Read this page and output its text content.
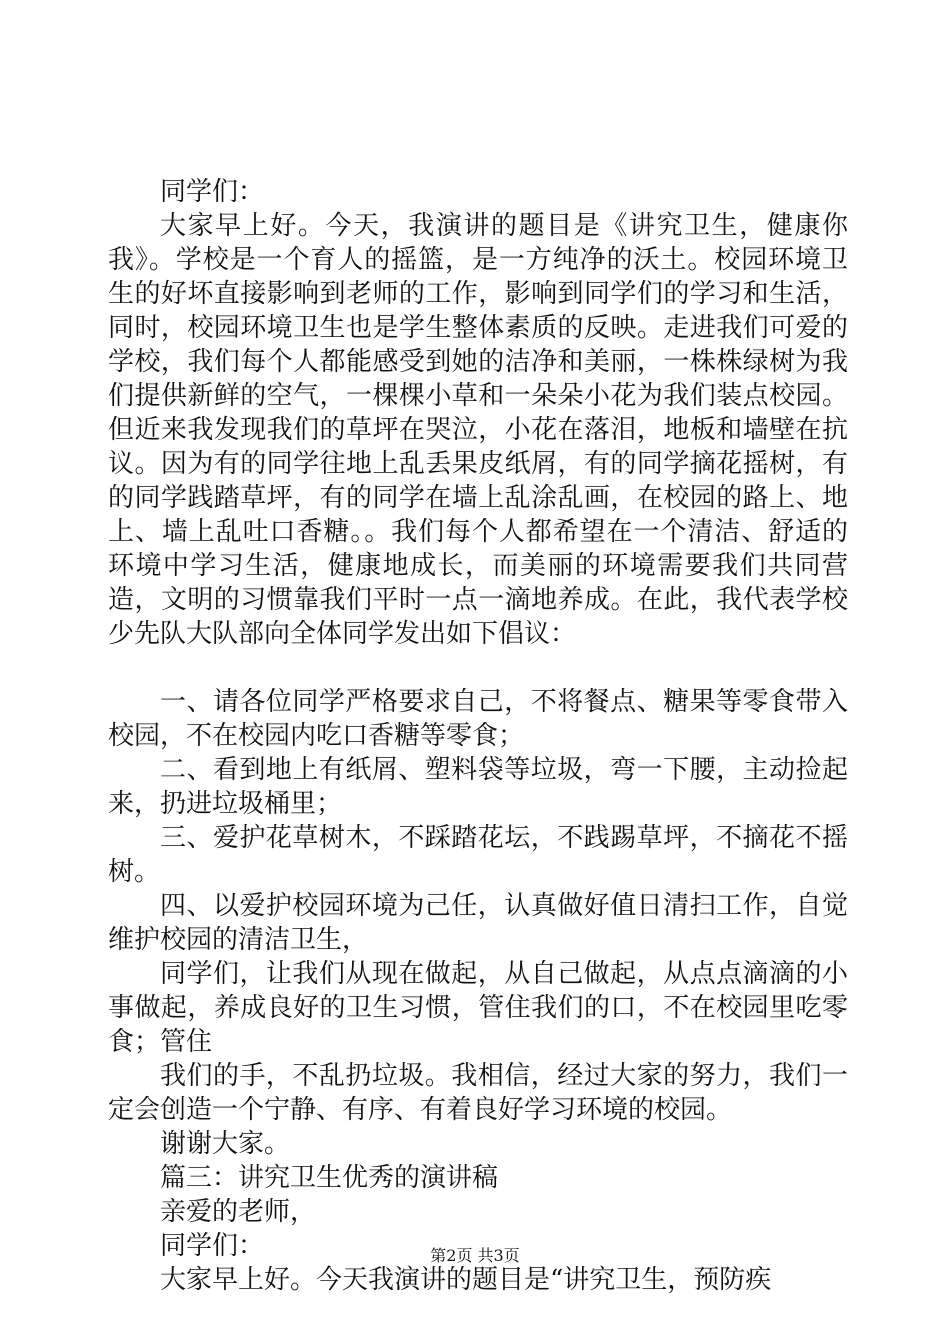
同学们：

大家早上好。今天，我演讲的题目是《讲究卫生，健康你我》。学校是一个育人的摇篮，是一方纯净的沃土。校园环境卫生的好坏直接影响到老师的工作，影响到同学们的学习和生活，同时，校园环境卫生也是学生整体素质的反映。走进我们可爱的学校，我们每个人都能感受到她的洁净和美丽，一株株绿树为我们提供新鲜的空气，一棵棵小草和一朵朵小花为我们装点校园。但近来我发现我们的草坪在哭泣，小花在落泪，地板和墙壁在抗议。因为有的同学往地上乱丢果皮纸屑，有的同学摘花摇树，有的同学践踏草坪，有的同学在墙上乱涂乱画，在校园的路上、地上、墙上乱吐口香糖。。我们每个人都希望在一个清洁、舒适的环境中学习生活，健康地成长，而美丽的环境需要我们共同营造，文明的习惯靠我们平时一点一滴地养成。在此，我代表学校少先队大队部向全体同学发出如下倡议：

一、请各位同学严格要求自己，不将餐点、糖果等零食带入校园，不在校园内吃口香糖等零食；

二、看到地上有纸屑、塑料袋等垃圾，弯一下腰，主动捡起来，扔进垃圾桶里；

三、爱护花草树木，不踩踏花坛，不践踢草坪，不摘花不摇树。

四、以爱护校园环境为己任，认真做好值日清扫工作，自觉维护校园的清洁卫生，

同学们，让我们从现在做起，从自己做起，从点点滴滴的小事做起，养成良好的卫生习惯，管住我们的口，不在校园里吃零食；管住

我们的手，不乱扔垃圾。我相信，经过大家的努力，我们一定会创造一个宁静、有序、有着良好学习环境的校园。

谢谢大家。

篇三：讲究卫生优秀的演讲稿

亲爱的老师，

同学们：

大家早上好。今天我演讲的题目是“讲究卫生，预防疾

第2页 共3页
